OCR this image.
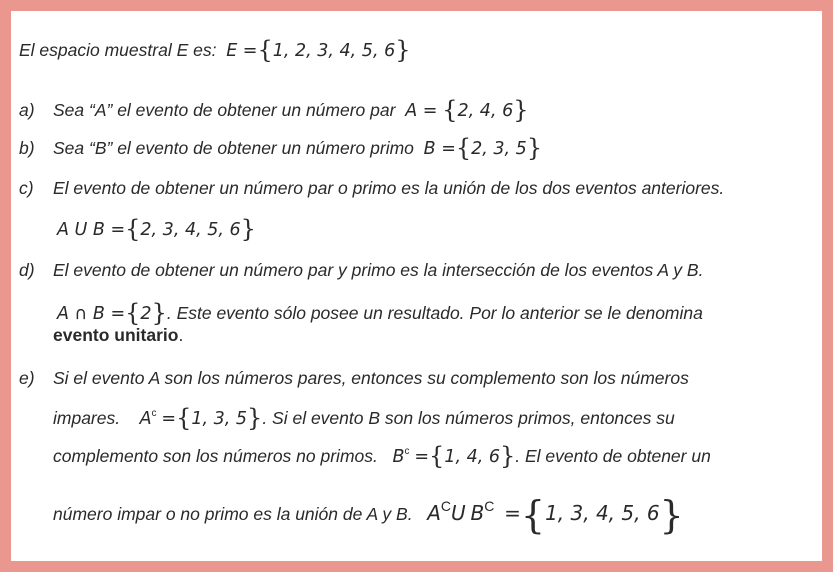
El espacio muestral E es: E ={1, 2, 3, 4, 5, 6}
a) Sea “A” el evento de obtener un número par A = {2, 4, 6}
b) Sea “B” el evento de obtener un número primo B ={2, 3, 5}
c) El evento de obtener un número par o primo es la unión de los dos eventos anteriores.
A U B ={2, 3, 4, 5, 6}
d) El evento de obtener un número par y primo es la intersección de los eventos A y B.
A ∩ B ={2}. Este evento sólo posee un resultado. Por lo anterior se le denomina
evento unitario.
e) Si el evento A son los números pares, entonces su complemento son los números
impares. $A^c =\{1$, 3, 5}. Si el evento B son los números primos, entonces su
complemento son los números no primos. $B^c =\{1$, 4, 6}. El evento de obtener un
número impar o no primo es la unión de A y B. $A^CU$ $B^C =\{1$, 3, 4, 5, 6}
